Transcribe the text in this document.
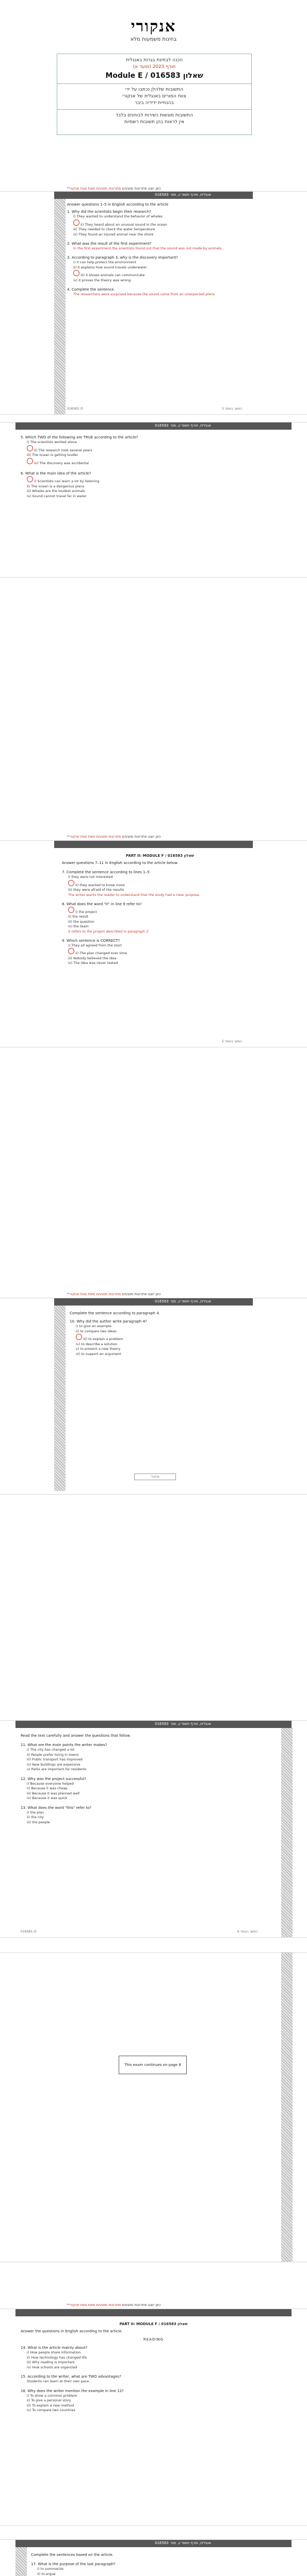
אנקורי
בחינות משמעות מלא
הכנה לבחינת בגרות באנגלית
חורף 2023 (מועד א)
Module E / שאלון 016583
התשובות שלהלן נכתבו על ידי
צוות המורים באנגלית של אנקורי
בהנחיית ידידיה ביבר
התשובות מוגשות כשירות לבוחנים בלבד
אין לראות בהן תשובות רשמיות
*כאן יוצגו פתרונות מוצעים פתרונות מוצעים מאת צוות אנקורי
אנגלית, חורף תשפ״ג, מס׳ 016583
Answer questions 1–5 in English according to the article
1. Why did the scientists begin their research?
i) They wanted to understand the behavior of whales
ii) They heard about an unusual sound in the ocean
iii) They needed to check the water temperature
iv) They found an injured animal near the shore
2. What was the result of the first experiment?
In the first experiment the scientists found out that the sound was not made by animals.
3. According to paragraph 3, why is the discovery important?
i) it can help protect the environment
ii) it explains how sound travels underwater
iii) it shows animals can communicate
iv) it proves the theory was wrong
4. Complete the sentence.
The researchers were surprised because the sound came from an unexpected place.
016583 /3	המשך בעמוד 3
אנגלית, חורף תשפ״ג, מס׳ 016583
5. Which TWO of the following are TRUE according to the article?
i) The scientists worked alone
ii) The research took several years
iii) The ocean is getting louder
iv) The discovery was accidental
6. What is the main idea of the article?
i) Scientists can learn a lot by listening
ii) The ocean is a dangerous place
iii) Whales are the loudest animals
iv) Sound cannot travel far in water
*כאן יוצגו פתרונות מוצעים פתרונות מוצעים מאת צוות אנקורי
PART II: MODULE F / שאלון 016583
Answer questions 7–11 in English according to the article below.
7. Complete the sentence according to lines 1–5.
i) they were not interested
ii) they wanted to know more
iii) they were afraid of the results
The writer wants the reader to understand that the study had a clear purpose.
8. What does the word "it" in line 9 refer to?
i) the project
ii) the result
iii) the question
iv) the team
It refers to the project described in paragraph 2.
9. Which sentence is CORRECT?
i) They all agreed from the start
ii) The plan changed over time
iii) Nobody believed the idea
iv) The idea was never tested
המשך בעמוד 5
*כאן יוצגו פתרונות מוצעים פתרונות מוצעים מאת צוות אנקורי
אנגלית, חורף תשפ״ג, מס׳ 016583
Complete the sentence according to paragraph 4.
10. Why did the author write paragraph 4?
i) to give an example
ii) to compare two ideas
iii) to explain a problem
iv) to describe a solution
v) to present a new theory
vi) to support an argument
אנקורי
אנגלית, חורף תשפ״ג, מס׳ 016583
Read the text carefully and answer the questions that follow.
11. What are the main points the writer makes?
i) The city has changed a lot
ii) People prefer living in towns
iii) Public transport has improved
iv) New buildings are expensive
v) Parks are important for residents
12. Why was the project successful?
i) Because everyone helped
ii) Because it was cheap
iii) Because it was planned well
iv) Because it was quick
13. What does the word "this" refer to?
i) the plan
ii) the city
iii) the people
016583 /5	המשך בעמוד 6
This exam continues on page 8
*כאן יוצגו פתרונות מוצעים פתרונות מוצעים מאת צוות אנקורי
PART II: MODULE F / שאלון 016583
Answer the questions in English according to the article.
READING
14. What is the article mainly about?
i) How people share information
ii) How technology has changed life
iii) Why reading is important
iv) How schools are organized
15. According to the writer, what are TWO advantages?
Students can learn at their own pace.
16. Why does the writer mention the example in line 12?
i) To show a common problem
ii) To give a personal story
iii) To explain a new method
iv) To compare two countries
אנגלית, חורף תשפ״ג, מס׳ 016583
Complete the sentences based on the article.
17. What is the purpose of the last paragraph?
i) to summarize
ii) to argue
